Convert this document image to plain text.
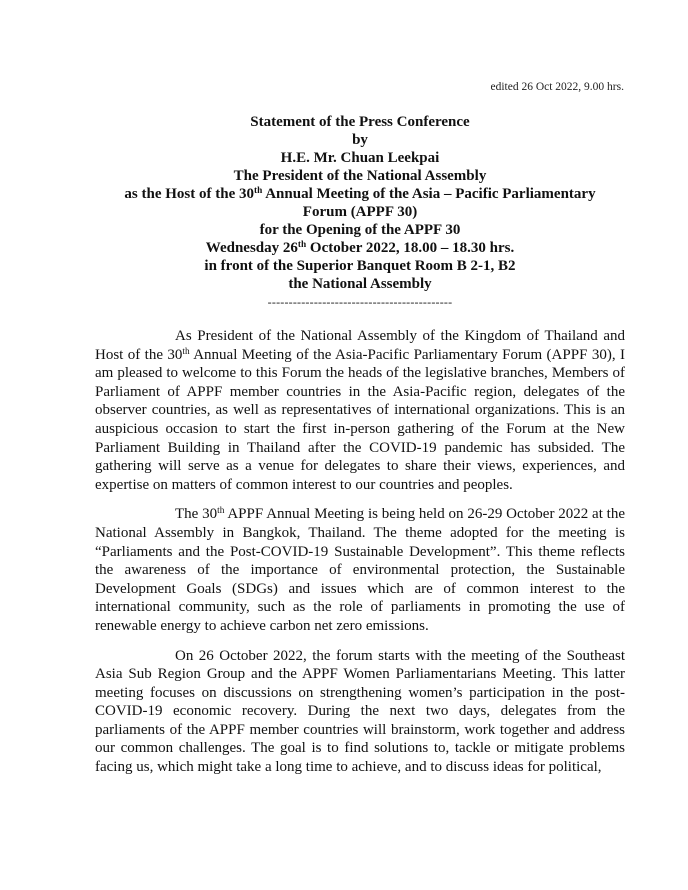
edited 26 Oct 2022, 9.00 hrs.
Statement of the Press Conference
by
H.E. Mr. Chuan Leekpai
The President of the National Assembly
as the Host of the 30th Annual Meeting of the Asia – Pacific Parliamentary
Forum (APPF 30)
for the Opening of the APPF 30
Wednesday 26th October 2022, 18.00 – 18.30 hrs.
in front of the Superior Banquet Room B 2-1, B2
the National Assembly
--------------------------------------------

As President of the National Assembly of the Kingdom of Thailand and Host of the 30th Annual Meeting of the Asia-Pacific Parliamentary Forum (APPF 30), I am pleased to welcome to this Forum the heads of the legislative branches, Members of Parliament of APPF member countries in the Asia-Pacific region, delegates of the observer countries, as well as representatives of international organizations. This is an auspicious occasion to start the first in-person gathering of the Forum at the New Parliament Building in Thailand after the COVID-19 pandemic has subsided. The gathering will serve as a venue for delegates to share their views, experiences, and expertise on matters of common interest to our countries and peoples.

The 30th APPF Annual Meeting is being held on 26-29 October 2022 at the National Assembly in Bangkok, Thailand. The theme adopted for the meeting is “Parliaments and the Post-COVID-19 Sustainable Development”. This theme reflects the awareness of the importance of environmental protection, the Sustainable Development Goals (SDGs) and issues which are of common interest to the international community, such as the role of parliaments in promoting the use of renewable energy to achieve carbon net zero emissions.

On 26 October 2022, the forum starts with the meeting of the Southeast Asia Sub Region Group and the APPF Women Parliamentarians Meeting. This latter meeting focuses on discussions on strengthening women’s participation in the post-COVID-19 economic recovery. During the next two days, delegates from the parliaments of the APPF member countries will brainstorm, work together and address our common challenges. The goal is to find solutions to, tackle or mitigate problems facing us, which might take a long time to achieve, and to discuss ideas for political,
